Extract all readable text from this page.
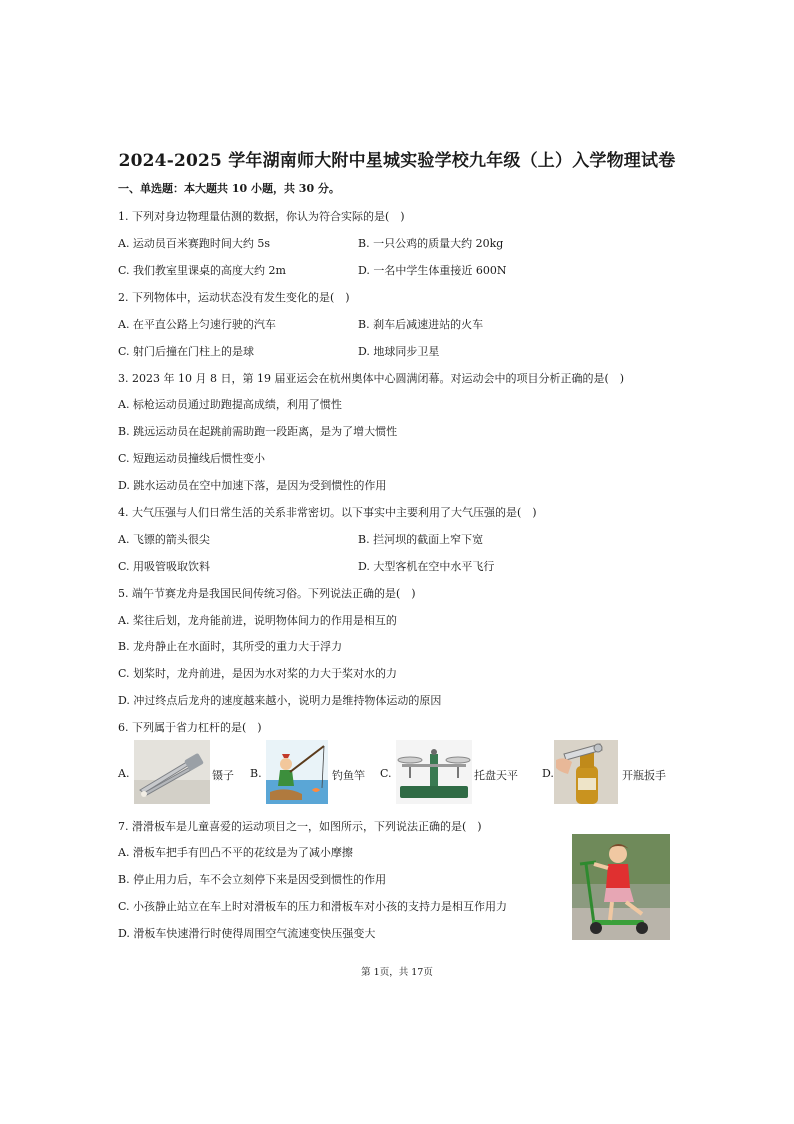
2024-2025 学年湖南师大附中星城实验学校九年级（上）入学物理试卷
一、单选题：本大题共 10 小题，共 30 分。
1. 下列对身边物理量估测的数据，你认为符合实际的是(　)
A. 运动员百米赛跑时间大约 5s	B. 一只公鸡的质量大约 20kg
C. 我们教室里课桌的高度大约 2m	D. 一名中学生体重接近 600N
2. 下列物体中，运动状态没有发生变化的是(　)
A. 在平直公路上匀速行驶的汽车	B. 刹车后减速进站的火车
C. 射门后撞在门柱上的是球	D. 地球同步卫星
3. 2023 年 10 月 8 日，第 19 届亚运会在杭州奥体中心圆满闭幕。对运动会中的项目分析正确的是(　)
A. 标枪运动员通过助跑提高成绩，利用了惯性
B. 跳远运动员在起跳前需助跑一段距离，是为了增大惯性
C. 短跑运动员撞线后惯性变小
D. 跳水运动员在空中加速下落，是因为受到惯性的作用
4. 大气压强与人们日常生活的关系非常密切。以下事实中主要利用了大气压强的是(　)
A. 飞镖的箭头很尖	B. 拦河坝的截面上窄下宽
C. 用吸管吸取饮料	D. 大型客机在空中水平飞行
5. 端午节赛龙舟是我国民间传统习俗。下列说法正确的是(　)
A. 桨往后划，龙舟能前进，说明物体间力的作用是相互的
B. 龙舟静止在水面时，其所受的重力大于浮力
C. 划桨时，龙舟前进，是因为水对桨的力大于桨对水的力
D. 冲过终点后龙舟的速度越来越小，说明力是维持物体运动的原因
6. 下列属于省力杠杆的是(　)
A.	镊子 B.	钓鱼竿 C.	托盘天平 D.	开瓶扳手
7. 滑滑板车是儿童喜爱的运动项目之一，如图所示，下列说法正确的是(　)
A. 滑板车把手有凹凸不平的花纹是为了减小摩擦
B. 停止用力后，车不会立刻停下来是因受到惯性的作用
C. 小孩静止站立在车上时对滑板车的压力和滑板车对小孩的支持力是相互作用力
D. 滑板车快速滑行时使得周围空气流速变快压强变大
第 1页，共 17页
